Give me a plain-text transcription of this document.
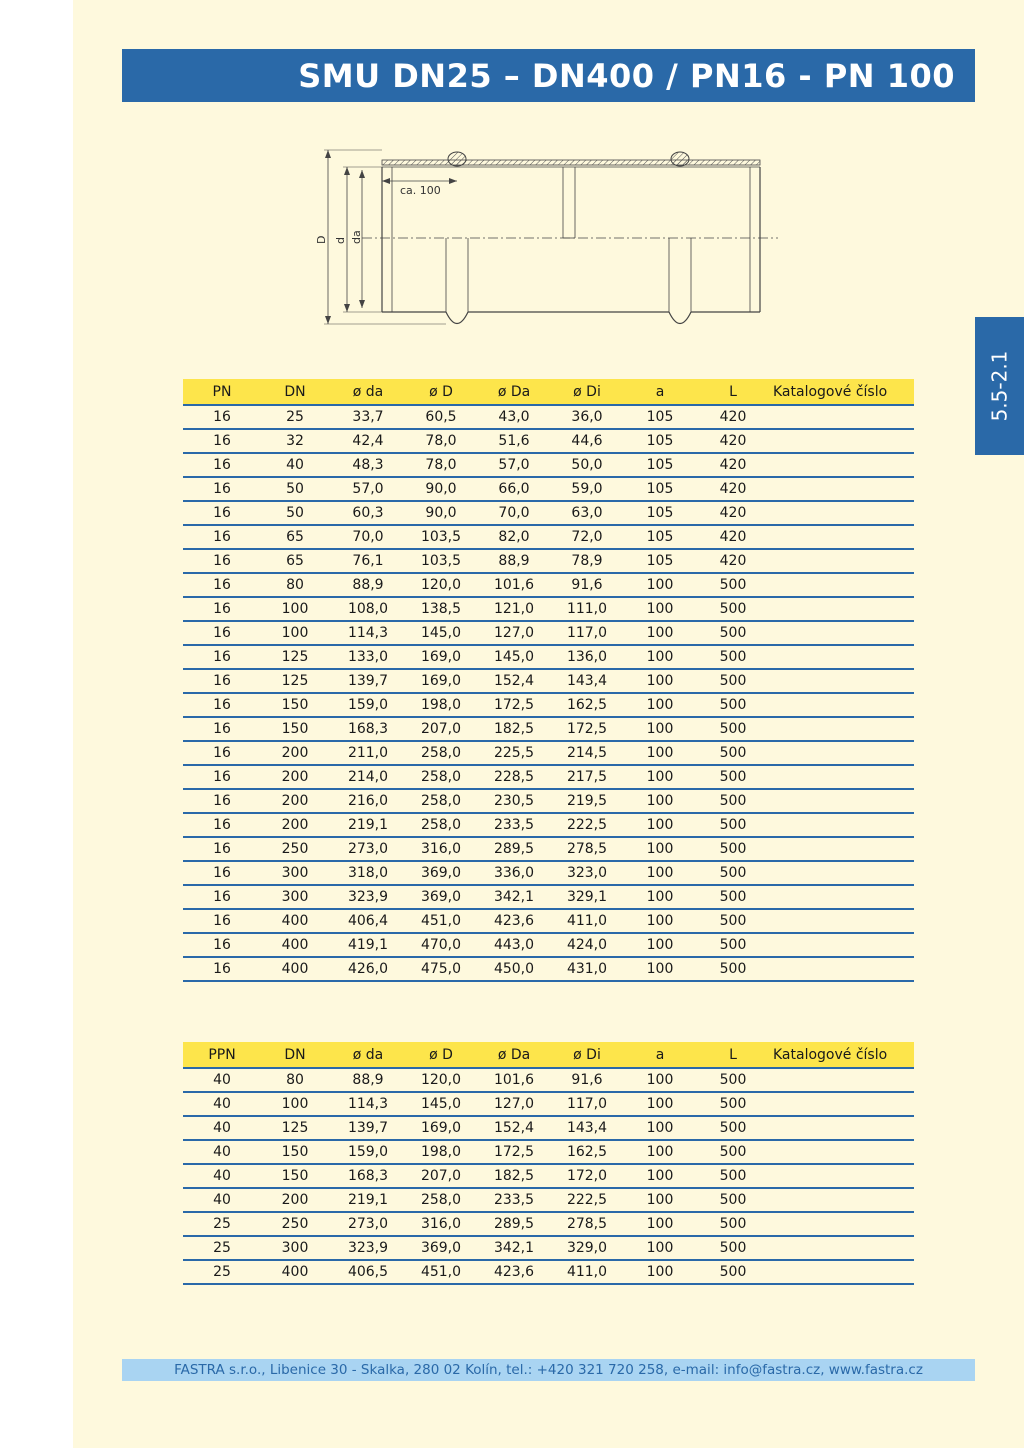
SMU DN25 – DN400 / PN16 - PN 100
5.5-2.1
ca. 100
D d da
PN	DN	ø da	ø D	ø Da	ø Di	a	L	Katalogové číslo
16	25	33,7	60,5	43,0	36,0	105	420	
16	32	42,4	78,0	51,6	44,6	105	420	
16	40	48,3	78,0	57,0	50,0	105	420	
16	50	57,0	90,0	66,0	59,0	105	420	
16	50	60,3	90,0	70,0	63,0	105	420	
16	65	70,0	103,5	82,0	72,0	105	420	
16	65	76,1	103,5	88,9	78,9	105	420	
16	80	88,9	120,0	101,6	91,6	100	500	
16	100	108,0	138,5	121,0	111,0	100	500	
16	100	114,3	145,0	127,0	117,0	100	500	
16	125	133,0	169,0	145,0	136,0	100	500	
16	125	139,7	169,0	152,4	143,4	100	500	
16	150	159,0	198,0	172,5	162,5	100	500	
16	150	168,3	207,0	182,5	172,5	100	500	
16	200	211,0	258,0	225,5	214,5	100	500	
16	200	214,0	258,0	228,5	217,5	100	500	
16	200	216,0	258,0	230,5	219,5	100	500	
16	200	219,1	258,0	233,5	222,5	100	500	
16	250	273,0	316,0	289,5	278,5	100	500	
16	300	318,0	369,0	336,0	323,0	100	500	
16	300	323,9	369,0	342,1	329,1	100	500	
16	400	406,4	451,0	423,6	411,0	100	500	
16	400	419,1	470,0	443,0	424,0	100	500	
16	400	426,0	475,0	450,0	431,0	100	500	
PPN	DN	ø da	ø D	ø Da	ø Di	a	L	Katalogové číslo
40	80	88,9	120,0	101,6	91,6	100	500	
40	100	114,3	145,0	127,0	117,0	100	500	
40	125	139,7	169,0	152,4	143,4	100	500	
40	150	159,0	198,0	172,5	162,5	100	500	
40	150	168,3	207,0	182,5	172,0	100	500	
40	200	219,1	258,0	233,5	222,5	100	500	
25	250	273,0	316,0	289,5	278,5	100	500	
25	300	323,9	369,0	342,1	329,0	100	500	
25	400	406,5	451,0	423,6	411,0	100	500	
FASTRA s.r.o., Libenice 30 - Skalka, 280 02 Kolín, tel.: +420 321 720 258, e-mail: info@fastra.cz, www.fastra.cz
